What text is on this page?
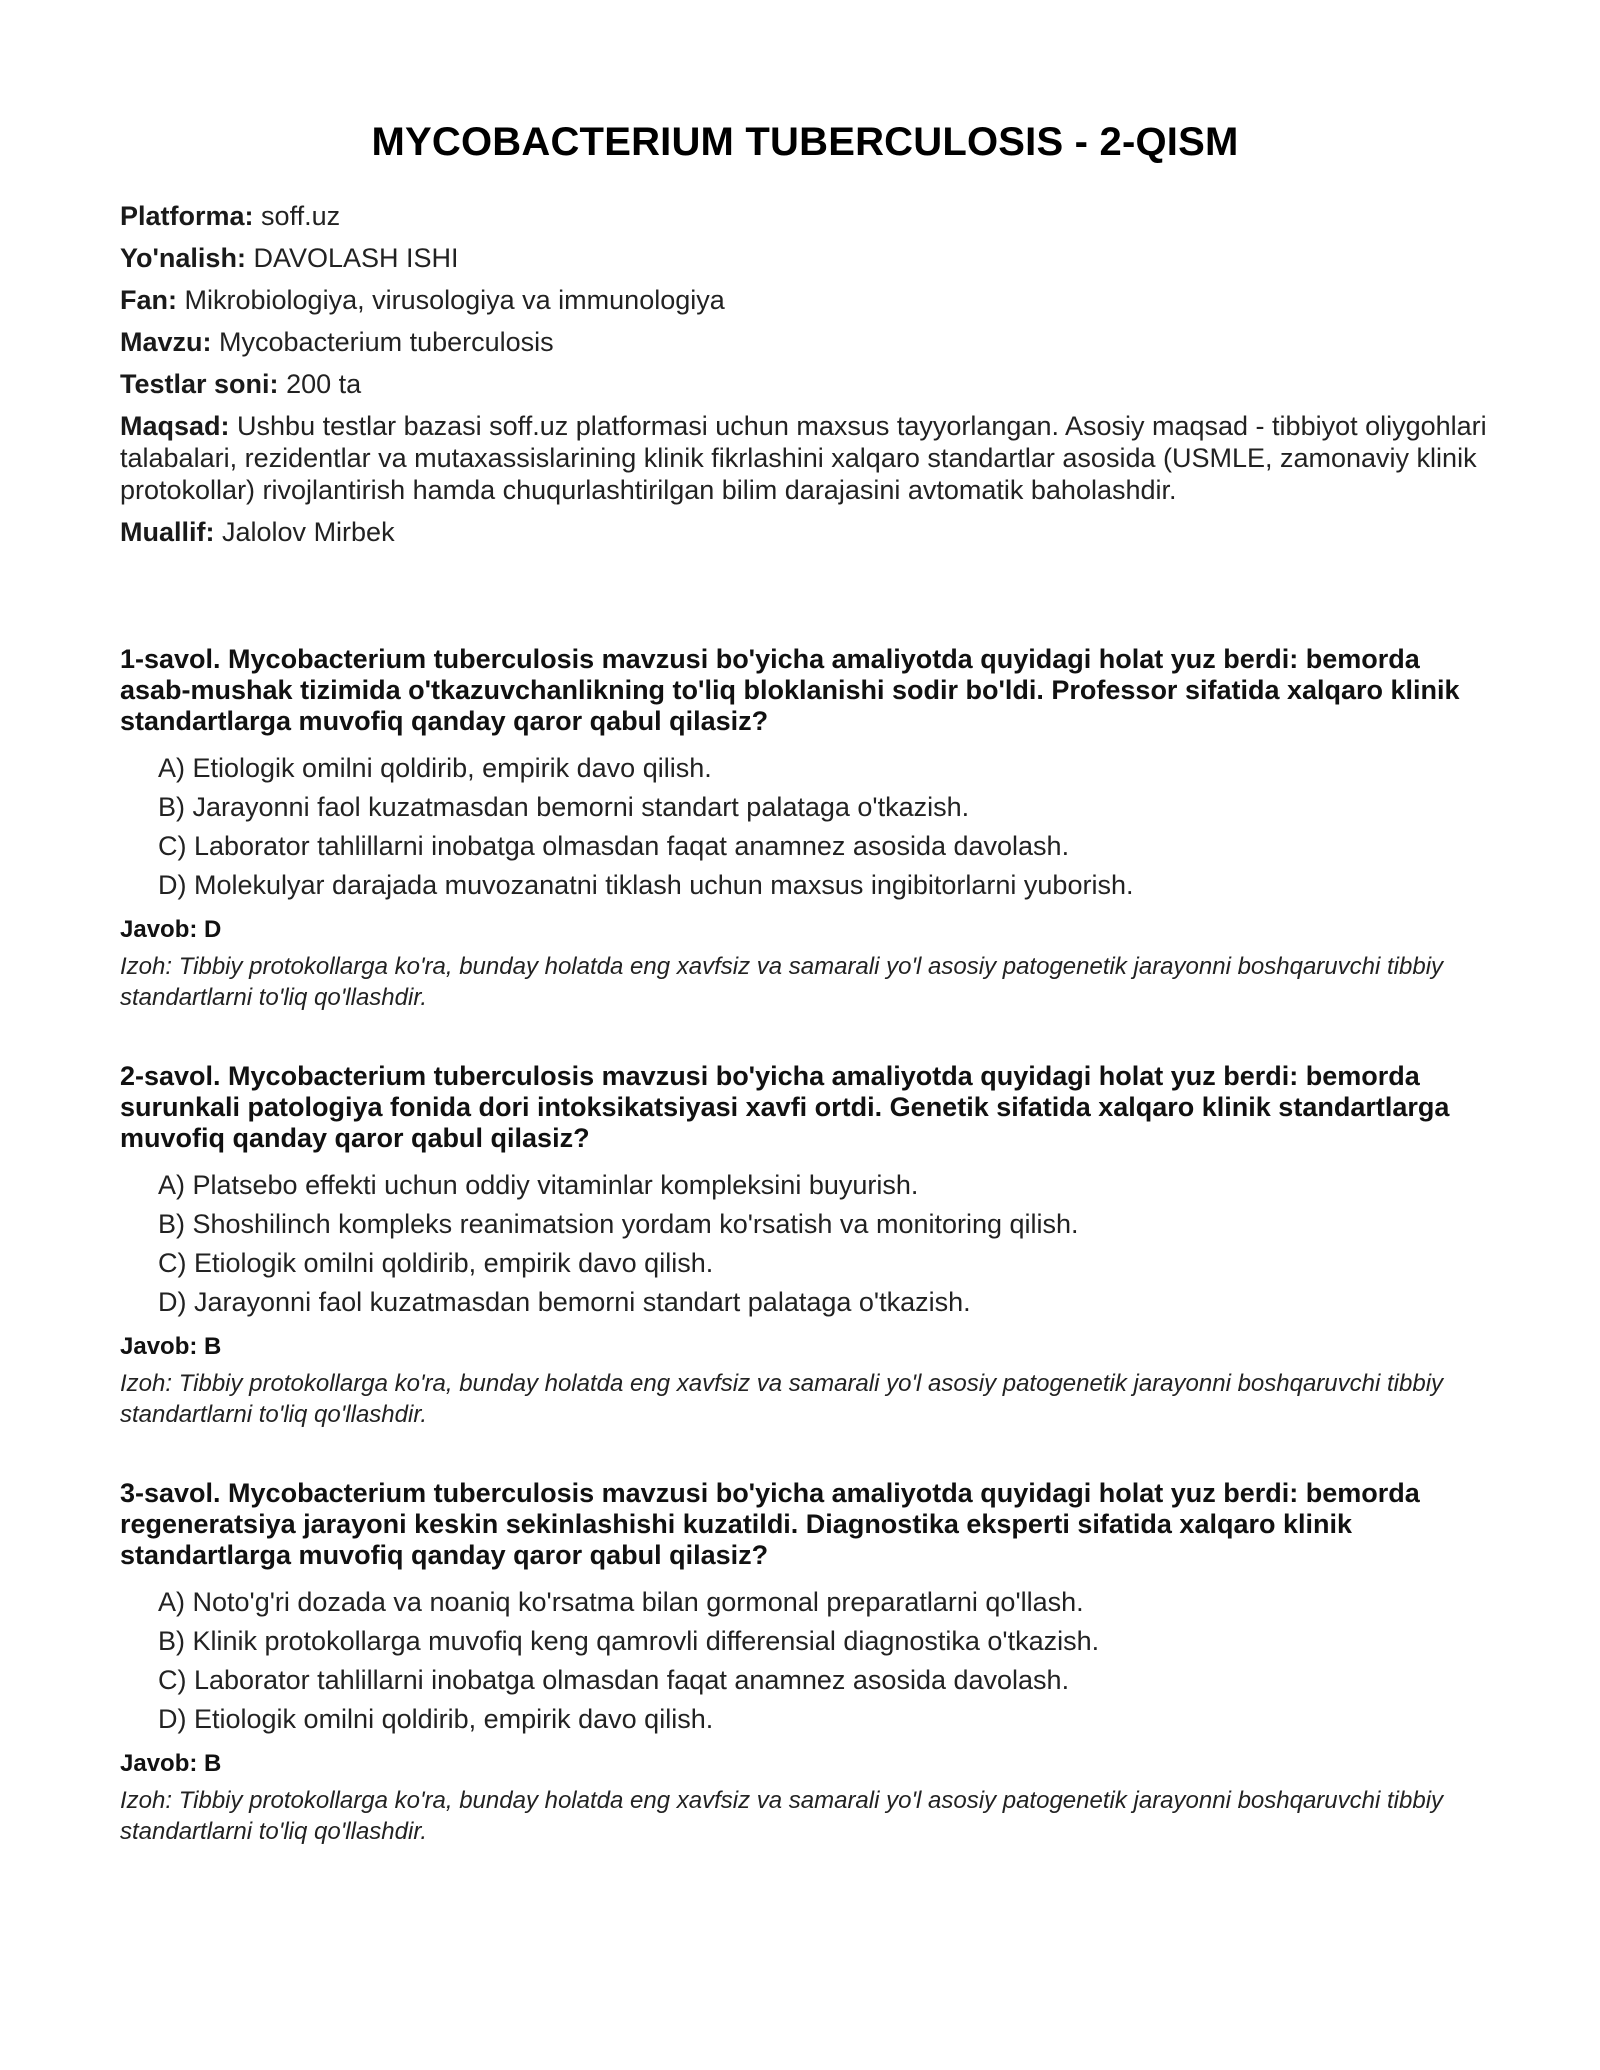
MYCOBACTERIUM TUBERCULOSIS - 2-QISM

Platforma: soff.uz

Yo'nalish: DAVOLASH ISHI

Fan: Mikrobiologiya, virusologiya va immunologiya

Mavzu: Mycobacterium tuberculosis

Testlar soni: 200 ta

Maqsad: Ushbu testlar bazasi soff.uz platformasi uchun maxsus tayyorlangan. Asosiy maqsad - tibbiyot oliygohlari talabalari, rezidentlar va mutaxassislarining klinik fikrlashini xalqaro standartlar asosida (USMLE, zamonaviy klinik protokollar) rivojlantirish hamda chuqurlashtirilgan bilim darajasini avtomatik baholashdir.

Muallif: Jalolov Mirbek

1-savol. Mycobacterium tuberculosis mavzusi bo'yicha amaliyotda quyidagi holat yuz berdi: bemorda asab-mushak tizimida o'tkazuvchanlikning to'liq bloklanishi sodir bo'ldi. Professor sifatida xalqaro klinik standartlarga muvofiq qanday qaror qabul qilasiz?

A) Etiologik omilni qoldirib, empirik davo qilish.
B) Jarayonni faol kuzatmasdan bemorni standart palataga o'tkazish.
C) Laborator tahlillarni inobatga olmasdan faqat anamnez asosida davolash.
D) Molekulyar darajada muvozanatni tiklash uchun maxsus ingibitorlarni yuborish.

Javob: D

Izoh: Tibbiy protokollarga ko'ra, bunday holatda eng xavfsiz va samarali yo'l asosiy patogenetik jarayonni boshqaruvchi tibbiy standartlarni to'liq qo'llashdir.

2-savol. Mycobacterium tuberculosis mavzusi bo'yicha amaliyotda quyidagi holat yuz berdi: bemorda surunkali patologiya fonida dori intoksikatsiyasi xavfi ortdi. Genetik sifatida xalqaro klinik standartlarga muvofiq qanday qaror qabul qilasiz?

A) Platsebo effekti uchun oddiy vitaminlar kompleksini buyurish.
B) Shoshilinch kompleks reanimatsion yordam ko'rsatish va monitoring qilish.
C) Etiologik omilni qoldirib, empirik davo qilish.
D) Jarayonni faol kuzatmasdan bemorni standart palataga o'tkazish.

Javob: B

Izoh: Tibbiy protokollarga ko'ra, bunday holatda eng xavfsiz va samarali yo'l asosiy patogenetik jarayonni boshqaruvchi tibbiy standartlarni to'liq qo'llashdir.

3-savol. Mycobacterium tuberculosis mavzusi bo'yicha amaliyotda quyidagi holat yuz berdi: bemorda regeneratsiya jarayoni keskin sekinlashishi kuzatildi. Diagnostika eksperti sifatida xalqaro klinik standartlarga muvofiq qanday qaror qabul qilasiz?

A) Noto'g'ri dozada va noaniq ko'rsatma bilan gormonal preparatlarni qo'llash.
B) Klinik protokollarga muvofiq keng qamrovli differensial diagnostika o'tkazish.
C) Laborator tahlillarni inobatga olmasdan faqat anamnez asosida davolash.
D) Etiologik omilni qoldirib, empirik davo qilish.

Javob: B

Izoh: Tibbiy protokollarga ko'ra, bunday holatda eng xavfsiz va samarali yo'l asosiy patogenetik jarayonni boshqaruvchi tibbiy standartlarni to'liq qo'llashdir.
